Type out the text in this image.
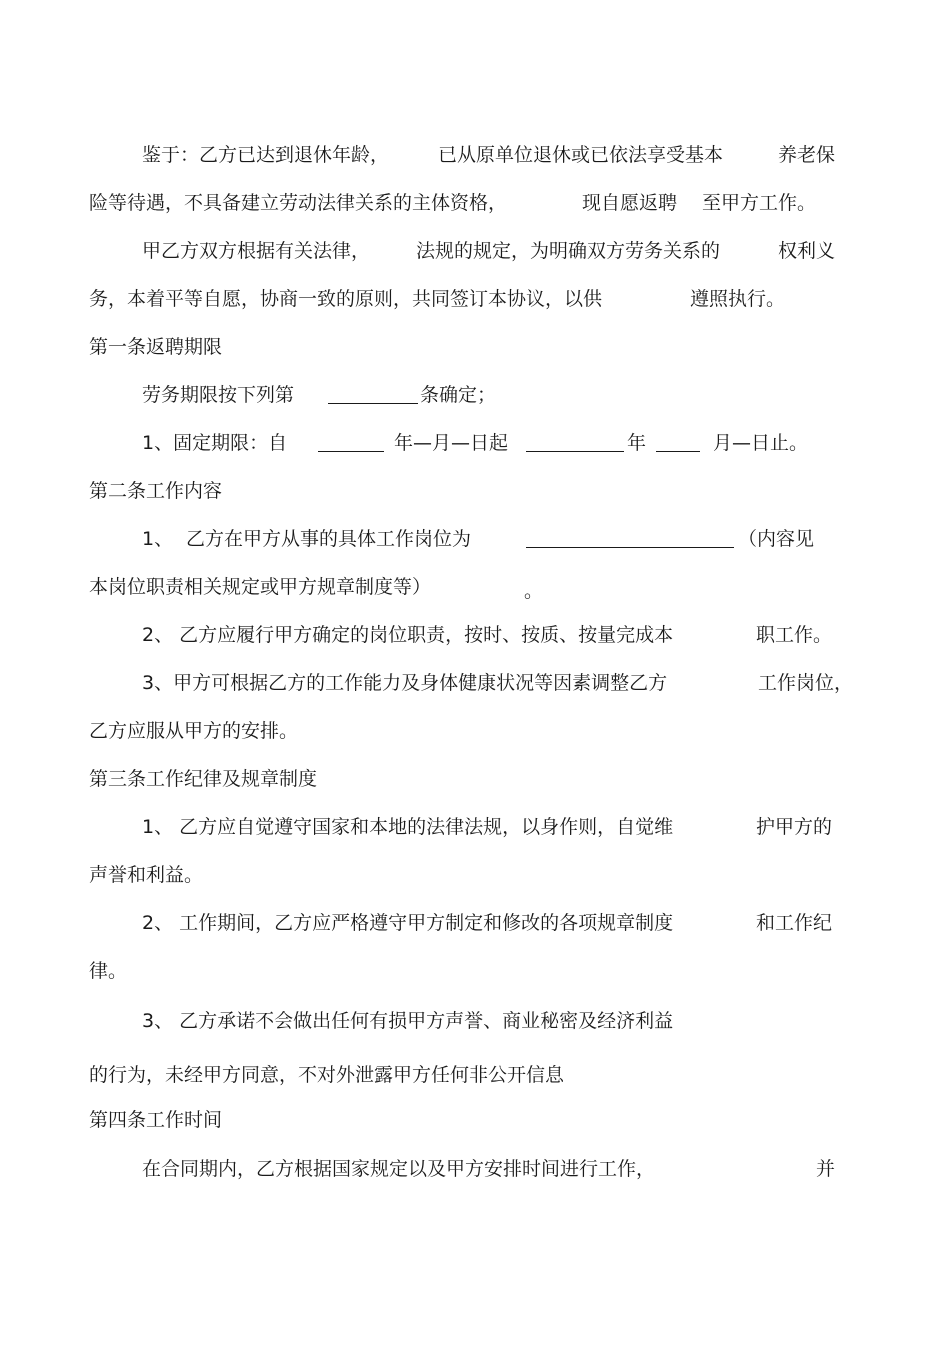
鉴于：乙方已达到退休年龄，	已从原单位退休或已依法享受基本	养老保
险等待遇，不具备建立劳动法律关系的主体资格，	现自愿返聘 至甲方工作。
甲乙方双方根据有关法律， 法规的规定，为明确双方劳务关系的	权利义
务，本着平等自愿，协商一致的原则，共同签订本协议，以供	遵照执行。
第一条返聘期限
劳务期限按下列第	条确定；
1、固定期限：自	年—月—日起	年	月—日止。
第二条工作内容
1、 乙方在甲方从事的具体工作岗位为	（内容见
本岗位职责相关规定或甲方规章制度等）	。
2、 乙方应履行甲方确定的岗位职责，按时、按质、按量完成本	职工作。
3、甲方可根据乙方的工作能力及身体健康状况等因素调整乙方	工作岗位，
乙方应服从甲方的安排。
第三条工作纪律及规章制度
1、 乙方应自觉遵守国家和本地的法律法规，以身作则，自觉维	护甲方的
声誉和利益。
2、 工作期间，乙方应严格遵守甲方制定和修改的各项规章制度	和工作纪
律。
3、 乙方承诺不会做出任何有损甲方声誉、商业秘密及经济利益
的行为，未经甲方同意，不对外泄露甲方任何非公开信息
第四条工作时间
在合同期内，乙方根据国家规定以及甲方安排时间进行工作，	并
